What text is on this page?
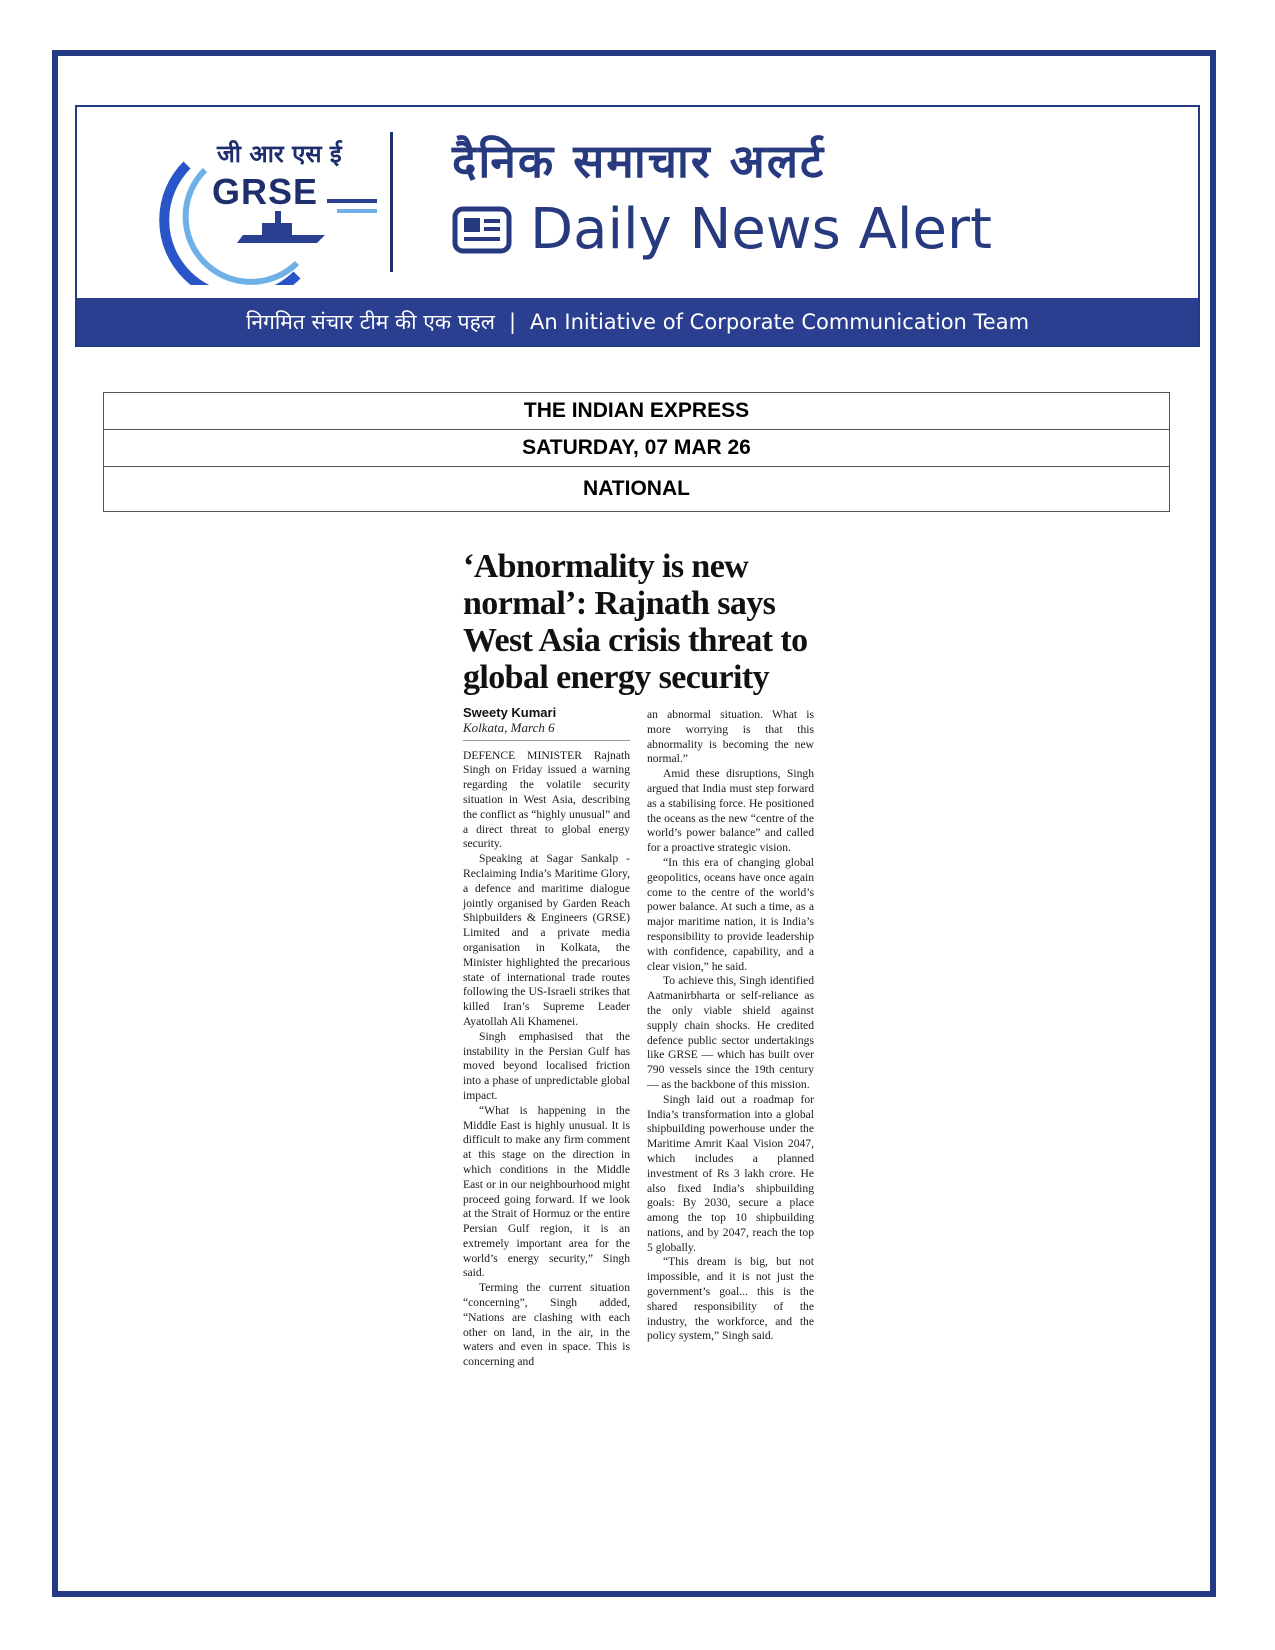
जी आर एस ई
GRSE
दैनिक समाचार अलर्ट
Daily News Alert
निगमित संचार टीम की एक पहल | An Initiative of Corporate Communication Team
THE INDIAN EXPRESS
SATURDAY, 07 MAR 26
NATIONAL
‘Abnormality is new normal’: Rajnath says West Asia crisis threat to global energy security
Sweety Kumari
Kolkata, March 6

DEFENCE MINISTER Rajnath Singh on Friday issued a warning regarding the volatile security situation in West Asia, describing the conflict as “highly unusual” and a direct threat to global energy security.

Speaking at Sagar Sankalp - Reclaiming India’s Maritime Glory, a defence and maritime dialogue jointly organised by Garden Reach Shipbuilders & Engineers (GRSE) Limited and a private media organisation in Kolkata, the Minister highlighted the precarious state of international trade routes following the US-Israeli strikes that killed Iran’s Supreme Leader Ayatollah Ali Khamenei.

Singh emphasised that the instability in the Persian Gulf has moved beyond localised friction into a phase of unpredictable global impact.

“What is happening in the Middle East is highly unusual. It is difficult to make any firm comment at this stage on the direction in which conditions in the Middle East or in our neighbourhood might proceed going forward. If we look at the Strait of Hormuz or the entire Persian Gulf region, it is an extremely important area for the world’s energy security,” Singh said.

Terming the current situation “concerning”, Singh added, “Nations are clashing with each other on land, in the air, in the waters and even in space. This is concerning and

an abnormal situation. What is more worrying is that this abnormality is becoming the new normal.”

Amid these disruptions, Singh argued that India must step forward as a stabilising force. He positioned the oceans as the new “centre of the world’s power balance” and called for a proactive strategic vision.

“In this era of changing global geopolitics, oceans have once again come to the centre of the world’s power balance. At such a time, as a major maritime nation, it is India’s responsibility to provide leadership with confidence, capability, and a clear vision,” he said.

To achieve this, Singh identified Aatmanirbharta or self-reliance as the only viable shield against supply chain shocks. He credited defence public sector undertakings like GRSE — which has built over 790 vessels since the 19th century — as the backbone of this mission.

Singh laid out a roadmap for India’s transformation into a global shipbuilding powerhouse under the Maritime Amrit Kaal Vision 2047, which includes a planned investment of Rs 3 lakh crore. He also fixed India’s shipbuilding goals: By 2030, secure a place among the top 10 shipbuilding nations, and by 2047, reach the top 5 globally.

“This dream is big, but not impossible, and it is not just the government’s goal... this is the shared responsibility of the industry, the workforce, and the policy system,” Singh said.
